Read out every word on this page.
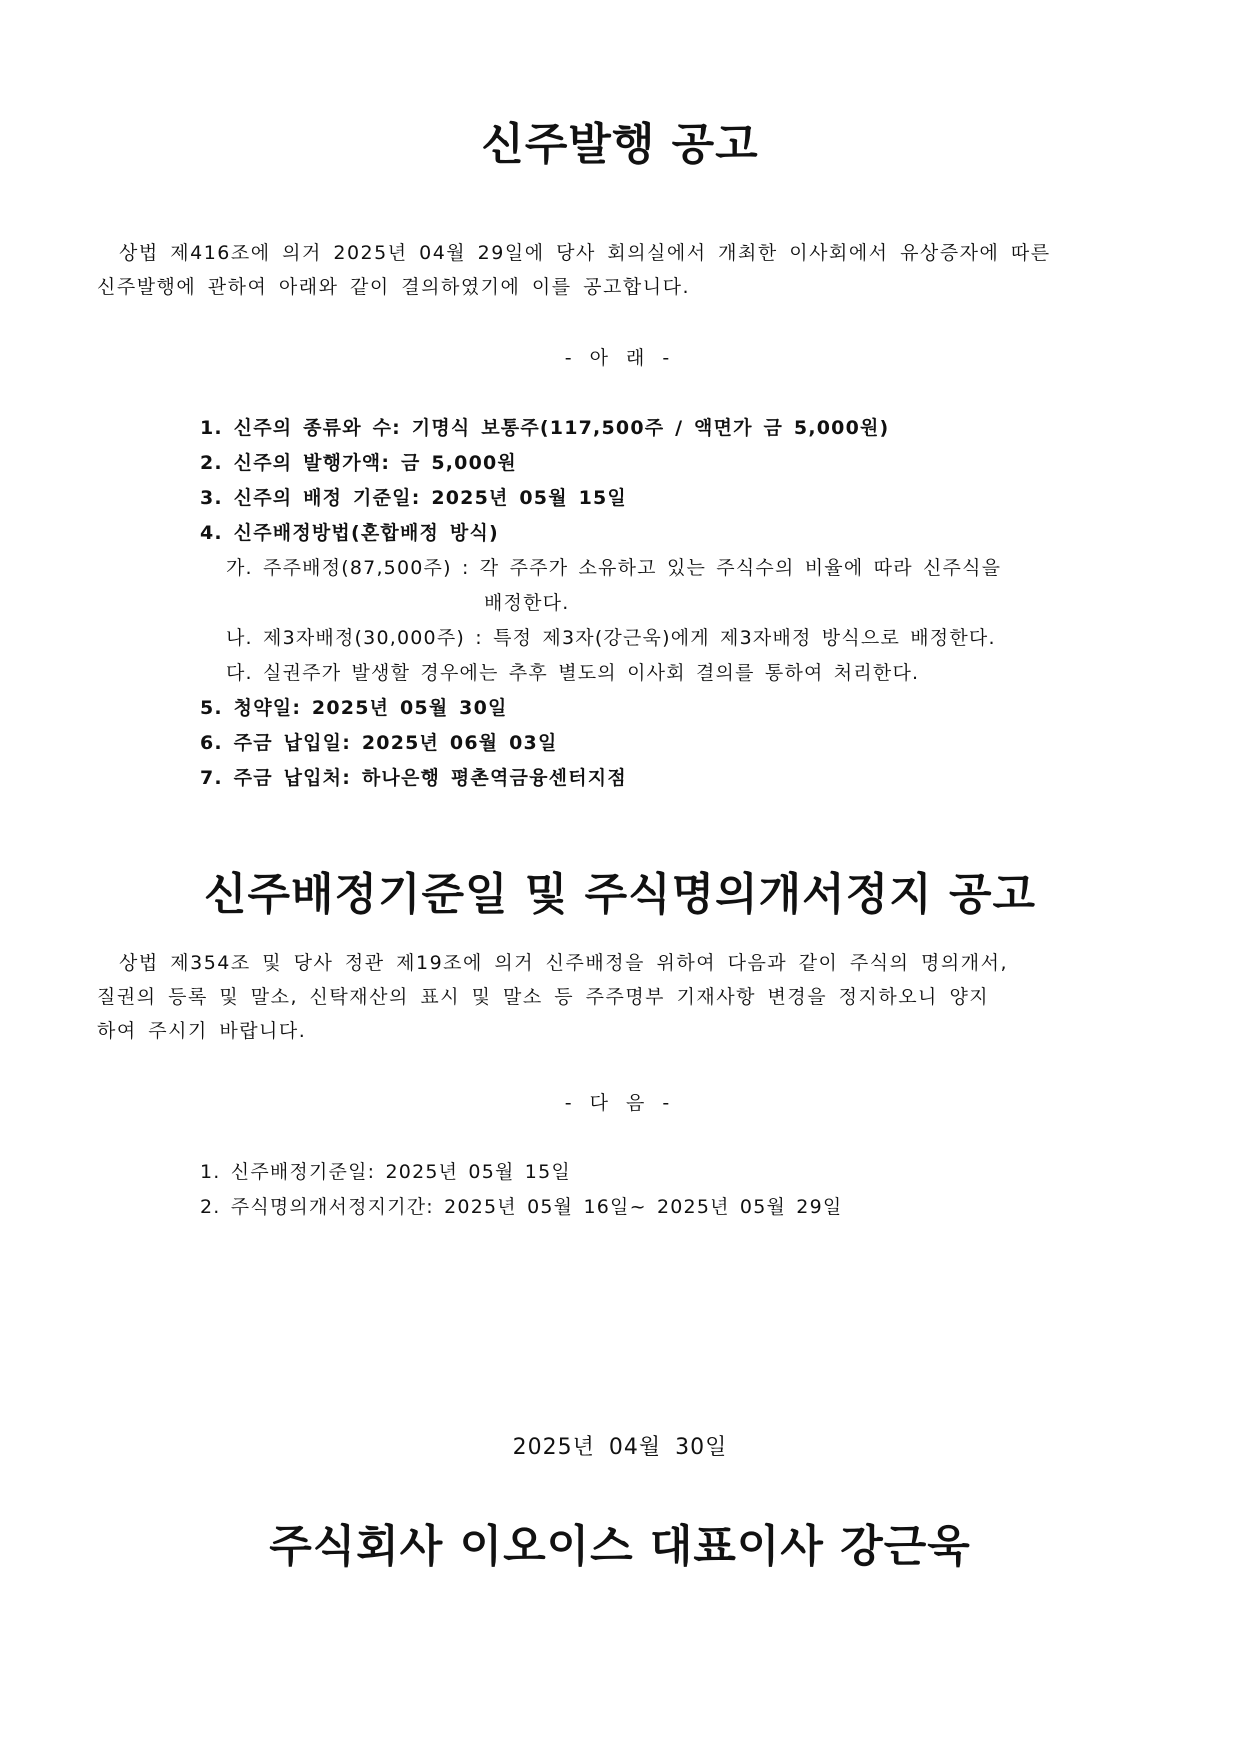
신주발행 공고
상법 제416조에 의거 2025년 04월 29일에 당사 회의실에서 개최한 이사회에서 유상증자에 따른
신주발행에 관하여 아래와 같이 결의하였기에 이를 공고합니다.

- 아 래 -

1. 신주의 종류와 수: 기명식 보통주(117,500주 / 액면가 금 5,000원)
2. 신주의 발행가액: 금 5,000원
3. 신주의 배정 기준일: 2025년 05월 15일
4. 신주배정방법(혼합배정 방식)
가. 주주배정(87,500주) : 각 주주가 소유하고 있는 주식수의 비율에 따라 신주식을
배정한다.
나. 제3자배정(30,000주) : 특정 제3자(강근욱)에게 제3자배정 방식으로 배정한다.
다. 실권주가 발생할 경우에는 추후 별도의 이사회 결의를 통하여 처리한다.
5. 청약일: 2025년 05월 30일
6. 주금 납입일: 2025년 06월 03일
7. 주금 납입처: 하나은행 평촌역금융센터지점
신주배정기준일 및 주식명의개서정지 공고
상법 제354조 및 당사 정관 제19조에 의거 신주배정을 위하여 다음과 같이 주식의 명의개서,
질권의 등록 및 말소, 신탁재산의 표시 및 말소 등 주주명부 기재사항 변경을 정지하오니 양지
하여 주시기 바랍니다.

- 다 음 -

1. 신주배정기준일: 2025년 05월 15일
2. 주식명의개서정지기간: 2025년 05월 16일~ 2025년 05월 29일

2025년 04월 30일

주식회사 이오이스 대표이사 강근욱
